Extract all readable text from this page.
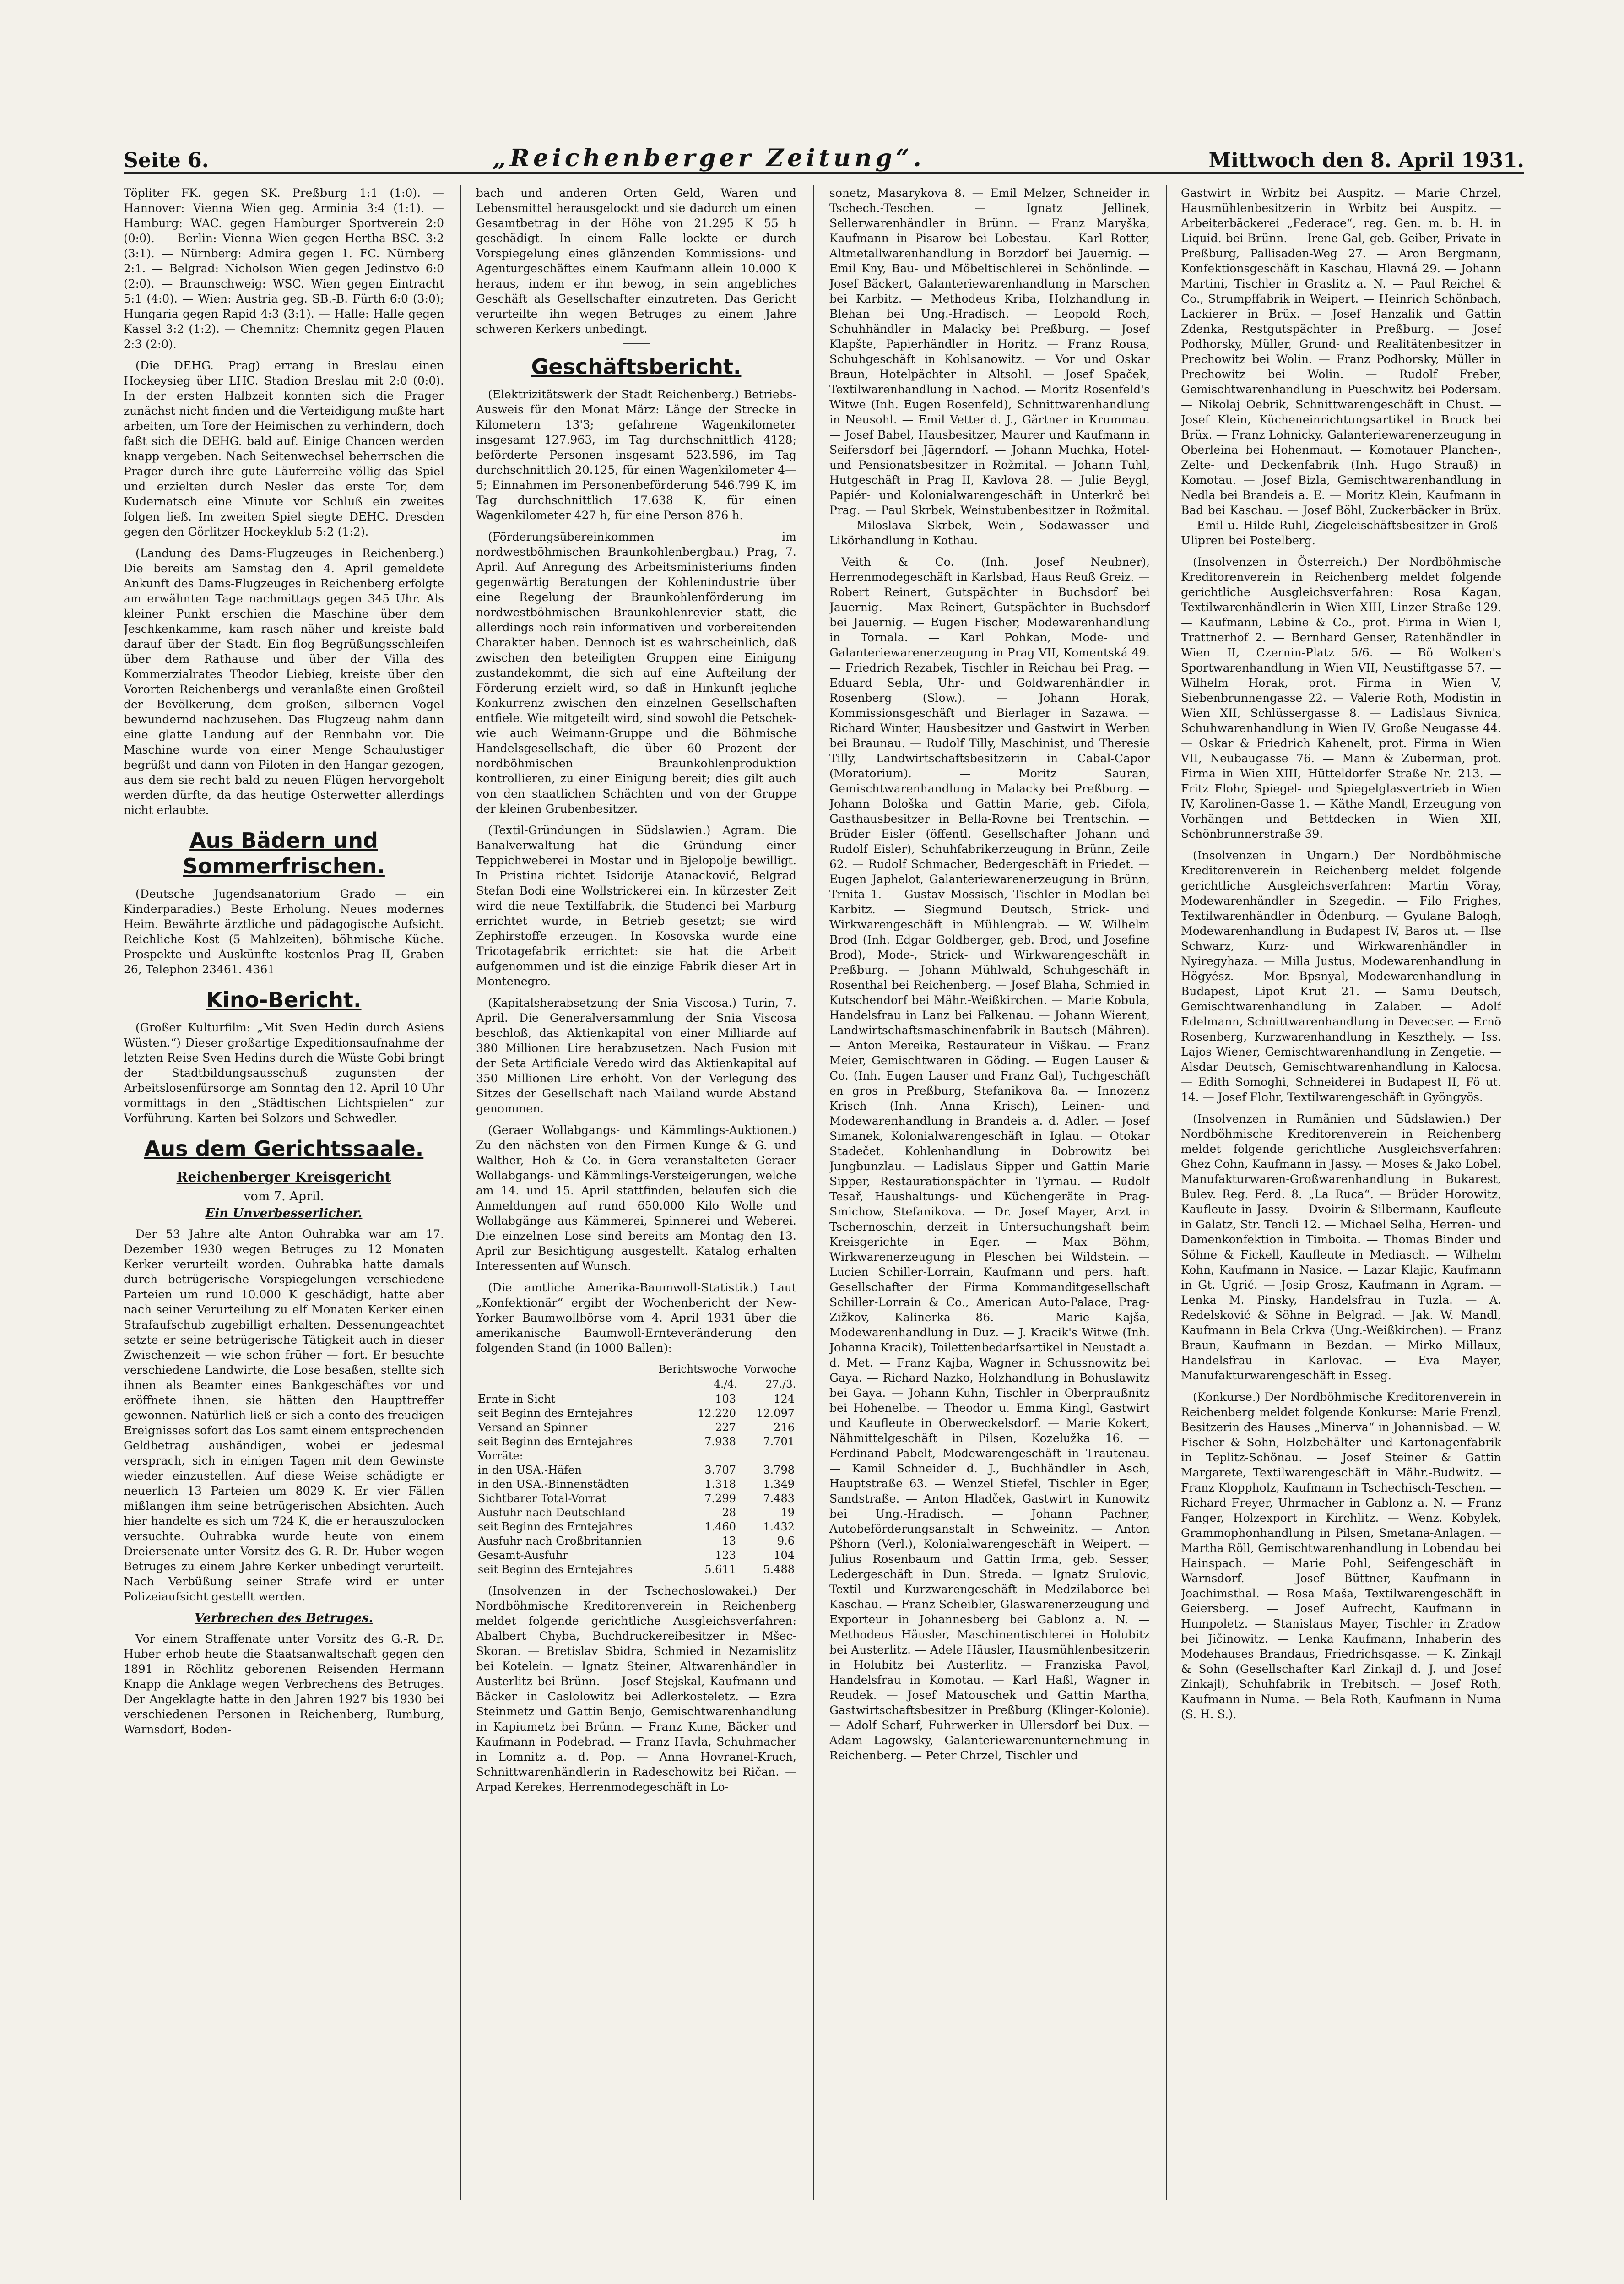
Seite 6.	„Reichenberger Zeitung“.	Mittwoch den 8. April 1931.

Töpliter FK. gegen SK. Preßburg 1:1 (1:0). — Hannover: Vienna Wien geg. Arminia 3:4 (1:1). — Hamburg: WAC. gegen Hamburger Sportverein 2:0 (0:0). — Berlin: Vienna Wien gegen Hertha BSC. 3:2 (3:1). — Nürnberg: Admira gegen 1. FC. Nürnberg 2:1. — Belgrad: Nicholson Wien gegen Jedinstvo 6:0 (2:0). — Braunschweig: WSC. Wien gegen Eintracht 5:1 (4:0). — Wien: Austria geg. SB.-B. Fürth 6:0 (3:0); Hungaria gegen Rapid 4:3 (3:1). — Halle: Halle gegen Kassel 3:2 (1:2). — Chemnitz: Chemnitz gegen Plauen 2:3 (2:0).

(Die DEHG. Prag) errang in Breslau einen Hockeysieg über LHC. Stadion Breslau mit 2:0 (0:0). In der ersten Halbzeit konnten sich die Prager zunächst nicht finden und die Verteidigung mußte hart arbeiten, um Tore der Heimischen zu verhindern, doch faßt sich die DEHG. bald auf. Einige Chancen werden knapp vergeben. Nach Seitenwechsel beherrschen die Prager durch ihre gute Läuferreihe völlig das Spiel und erzielten durch Nesler das erste Tor, dem Kudernatsch eine Minute vor Schluß ein zweites folgen ließ. Im zweiten Spiel siegte DEHC. Dresden gegen den Görlitzer Hockeyklub 5:2 (1:2).

(Landung des Dams-Flugzeuges in Reichenberg.) Die bereits am Samstag den 4. April gemeldete Ankunft des Dams-Flugzeuges in Reichenberg erfolgte am erwähnten Tage nachmittags gegen 345 Uhr. Als kleiner Punkt erschien die Maschine über dem Jeschkenkamme, kam rasch näher und kreiste bald darauf über der Stadt. Ein flog Begrüßungsschleifen über dem Rathause und über der Villa des Kommerzialrates Theodor Liebieg, kreiste über den Vororten Reichenbergs und veranlaßte einen Großteil der Bevölkerung, dem großen, silbernen Vogel bewundernd nachzusehen. Das Flugzeug nahm dann eine glatte Landung auf der Rennbahn vor. Die Maschine wurde von einer Menge Schaulustiger begrüßt und dann von Piloten in den Hangar gezogen, aus dem sie recht bald zu neuen Flügen hervorgeholt werden dürfte, da das heutige Osterwetter allerdings nicht erlaubte.

Aus Bädern und Sommerfrischen.

(Deutsche Jugendsanatorium Grado — ein Kinderparadies.) Beste Erholung. Neues modernes Heim. Bewährte ärztliche und pädagogische Aufsicht. Reichliche Kost (5 Mahlzeiten), böhmische Küche. Prospekte und Auskünfte kostenlos Prag II, Graben 26, Telephon 23461. 4361

Kino-Bericht.

(Großer Kulturfilm: „Mit Sven Hedin durch Asiens Wüsten.“) Dieser großartige Expeditionsaufnahme der letzten Reise Sven Hedins durch die Wüste Gobi bringt der Stadtbildungsausschuß zugunsten der Arbeitslosenfürsorge am Sonntag den 12. April 10 Uhr vormittags in den „Städtischen Lichtspielen“ zur Vorführung. Karten bei Solzors und Schwedler.

Aus dem Gerichtssaale.
Reichenberger Kreisgericht
vom 7. April.
Ein Unverbesserlicher.

Der 53 Jahre alte Anton Ouhrabka war am 17. Dezember 1930 wegen Betruges zu 12 Monaten Kerker verurteilt worden. Ouhrabka hatte damals durch betrügerische Vorspiegelungen verschiedene Parteien um rund 10.000 K geschädigt, hatte aber nach seiner Verurteilung zu elf Monaten Kerker einen Strafaufschub zugebilligt erhalten. Dessenungeachtet setzte er seine betrügerische Tätigkeit auch in dieser Zwischenzeit — wie schon früher — fort. Er besuchte verschiedene Landwirte, die Lose besaßen, stellte sich ihnen als Beamter eines Bankgeschäftes vor und eröffnete ihnen, sie hätten den Haupttreffer gewonnen. Natürlich ließ er sich a conto des freudigen Ereignisses sofort das Los samt einem entsprechenden Geldbetrag aushändigen, wobei er jedesmal versprach, sich in einigen Tagen mit dem Gewinste wieder einzustellen. Auf diese Weise schädigte er neuerlich 13 Parteien um 8029 K. Er vier Fällen mißlangen ihm seine betrügerischen Absichten. Auch hier handelte es sich um 724 K, die er herauszulocken versuchte. Ouhrabka wurde heute von einem Dreiersenate unter Vorsitz des G.-R. Dr. Huber wegen Betruges zu einem Jahre Kerker unbedingt verurteilt. Nach Verbüßung seiner Strafe wird er unter Polizeiaufsicht gestellt werden.

Verbrechen des Betruges.

Vor einem Straffenate unter Vorsitz des G.-R. Dr. Huber erhob heute die Staatsanwaltschaft gegen den 1891 in Röchlitz geborenen Reisenden Hermann Knapp die Anklage wegen Verbrechens des Betruges. Der Angeklagte hatte in den Jahren 1927 bis 1930 bei verschiedenen Personen in Reichenberg, Rumburg, Warnsdorf, Boden-

bach und anderen Orten Geld, Waren und Lebensmittel herausgelockt und sie dadurch um einen Gesamtbetrag in der Höhe von 21.295 K 55 h geschädigt. In einem Falle lockte er durch Vorspiegelung eines glänzenden Kommissions- und Agenturgeschäftes einem Kaufmann allein 10.000 K heraus, indem er ihn bewog, in sein angebliches Geschäft als Gesellschafter einzutreten. Das Gericht verurteilte ihn wegen Betruges zu einem Jahre schweren Kerkers unbedingt.

Geschäftsbericht.

(Elektrizitätswerk der Stadt Reichenberg.) Betriebs-Ausweis für den Monat März: Länge der Strecke in Kilometern 13'3; gefahrene Wagenkilometer insgesamt 127.963, im Tag durchschnittlich 4128; beförderte Personen insgesamt 523.596, im Tag durchschnittlich 20.125, für einen Wagenkilometer 4—5; Einnahmen im Personenbeförderung 546.799 K, im Tag durchschnittlich 17.638 K, für einen Wagenkilometer 427 h, für eine Person 876 h.

(Förderungsübereinkommen im nordwestböhmischen Braunkohlenbergbau.) Prag, 7. April. Auf Anregung des Arbeitsministeriums finden gegenwärtig Beratungen der Kohlenindustrie über eine Regelung der Braunkohlenförderung im nordwestböhmischen Braunkohlenrevier statt, die allerdings noch rein informativen und vorbereitenden Charakter haben. Dennoch ist es wahrscheinlich, daß zwischen den beteiligten Gruppen eine Einigung zustandekommt, die sich auf eine Aufteilung der Förderung erzielt wird, so daß in Hinkunft jegliche Konkurrenz zwischen den einzelnen Gesellschaften entfiele. Wie mitgeteilt wird, sind sowohl die Petschek- wie auch Weimann-Gruppe und die Böhmische Handelsgesellschaft, die über 60 Prozent der nordböhmischen Braunkohlenproduktion kontrollieren, zu einer Einigung bereit; dies gilt auch von den staatlichen Schächten und von der Gruppe der kleinen Grubenbesitzer.

(Textil-Gründungen in Südslawien.) Agram. Die Banalverwaltung hat die Gründung einer Teppichweberei in Mostar und in Bjelopolje bewilligt. In Pristina richtet Isidorije Atanacković, Belgrad Stefan Bodi eine Wollstrickerei ein. In kürzester Zeit wird die neue Textilfabrik, die Studenci bei Marburg errichtet wurde, in Betrieb gesetzt; sie wird Zephirstoffe erzeugen. In Kosovska wurde eine Tricotagefabrik errichtet: sie hat die Arbeit aufgenommen und ist die einzige Fabrik dieser Art in Montenegro.

(Kapitalsherabsetzung der Snia Viscosa.) Turin, 7. April. Die Generalversammlung der Snia Viscosa beschloß, das Aktienkapital von einer Milliarde auf 380 Millionen Lire herabzusetzen. Nach Fusion mit der Seta Artificiale Veredo wird das Aktienkapital auf 350 Millionen Lire erhöht. Von der Verlegung des Sitzes der Gesellschaft nach Mailand wurde Abstand genommen.

(Geraer Wollabgangs- und Kämmlings-Auktionen.) Zu den nächsten von den Firmen Kunge & G. und Walther, Hoh & Co. in Gera veranstalteten Geraer Wollabgangs- und Kämmlings-Versteigerungen, welche am 14. und 15. April stattfinden, belaufen sich die Anmeldungen auf rund 650.000 Kilo Wolle und Wollabgänge aus Kämmerei, Spinnerei und Weberei. Die einzelnen Lose sind bereits am Montag den 13. April zur Besichtigung ausgestellt. Katalog erhalten Interessenten auf Wunsch.

(Die amtliche Amerika-Baumwoll-Statistik.) Laut „Konfektionär“ ergibt der Wochenbericht der New-Yorker Baumwollbörse vom 4. April 1931 über die amerikanische Baumwoll-Ernteveränderung den folgenden Stand (in 1000 Ballen):

	Berichtswoche	Vorwoche
	4./4.	27./3.
Ernte in Sicht	103	124
seit Beginn des Erntejahres	12.220	12.097
Versand an Spinner	227	216
seit Beginn des Erntejahres	7.938	7.701
Vorräte:		
in den USA.-Häfen	3.707	3.798
in den USA.-Binnenstädten	1.318	1.349
Sichtbarer Total-Vorrat	7.299	7.483
Ausfuhr nach Deutschland	28	19
seit Beginn des Erntejahres	1.460	1.432
Ausfuhr nach Großbritannien	13	9.6
Gesamt-Ausfuhr	123	104
seit Beginn des Erntejahres	5.611	5.488

(Insolvenzen in der Tschechoslowakei.) Der Nordböhmische Kreditorenverein in Reichenberg meldet folgende gerichtliche Ausgleichsverfahren: Abalbert Chyba, Buchdruckereibesitzer in Mšec-Skoran. — Bretislav Sbidra, Schmied in Nezamislitz bei Kotelein. — Ignatz Steiner, Altwarenhändler in Austerlitz bei Brünn. — Josef Stejskal, Kaufmann und Bäcker in Caslolowitz bei Adlerkosteletz. — Ezra Steinmetz und Gattin Benjo, Gemischtwarenhandlung in Kapiumetz bei Brünn. — Franz Kune, Bäcker und Kaufmann in Podebrad. — Franz Havla, Schuhmacher in Lomnitz a. d. Pop. — Anna Hovranel-Kruch, Schnittwarenhändlerin in Radeschowitz bei Ričan. — Arpad Kerekes, Herrenmodegeschäft in Lo-

sonetz, Masarykova 8. — Emil Melzer, Schneider in Tschech.-Teschen. — Ignatz Jellinek, Sellerwarenhändler in Brünn. — Franz Maryška, Kaufmann in Pisarow bei Lobestau. — Karl Rotter, Altmetallwarenhandlung in Borzdorf bei Jauernig. — Emil Kny, Bau- und Möbeltischlerei in Schönlinde. — Josef Bäckert, Galanteriewarenhandlung in Marschen bei Karbitz. — Methodeus Kriba, Holzhandlung in Blehan bei Ung.-Hradisch. — Leopold Roch, Schuhhändler in Malacky bei Preßburg. — Josef Klapšte, Papierhändler in Horitz. — Franz Rousa, Schuhgeschäft in Kohlsanowitz. — Vor und Oskar Braun, Hotelpächter in Altsohl. — Josef Spaček, Textilwarenhandlung in Nachod. — Moritz Rosenfeld's Witwe (Inh. Eugen Rosenfeld), Schnittwarenhandlung in Neusohl. — Emil Vetter d. J., Gärtner in Krummau. — Josef Babel, Hausbesitzer, Maurer und Kaufmann in Seifersdorf bei Jägerndorf. — Johann Muchka, Hotel- und Pensionatsbesitzer in Rožmital. — Johann Tuhl, Hutgeschäft in Prag II, Kavlova 28. — Julie Beygl, Papiér- und Kolonialwarengeschäft in Unterkrč bei Prag. — Paul Skrbek, Weinstubenbesitzer in Rožmital. — Miloslava Skrbek, Wein-, Sodawasser- und Likörhandlung in Kothau.

Veith & Co. (Inh. Josef Neubner), Herrenmodegeschäft in Karlsbad, Haus Reuß Greiz. — Robert Reinert, Gutspächter in Buchsdorf bei Jauernig. — Max Reinert, Gutspächter in Buchsdorf bei Jauernig. — Eugen Fischer, Modewarenhandlung in Tornala. — Karl Pohkan, Mode- und Galanteriewarenerzeugung in Prag VII, Komentská 49. — Friedrich Rezabek, Tischler in Reichau bei Prag. — Eduard Sebla, Uhr- und Goldwarenhändler in Rosenberg (Slow.). — Johann Horak, Kommissionsgeschäft und Bierlager in Sazawa. — Richard Winter, Hausbesitzer und Gastwirt in Werben bei Braunau. — Rudolf Tilly, Maschinist, und Theresie Tilly, Landwirtschaftsbesitzerin in Cabal-Capor (Moratorium). — Moritz Sauran, Gemischtwarenhandlung in Malacky bei Preßburg. — Johann Bološka und Gattin Marie, geb. Cifola, Gasthausbesitzer in Bella-Rovne bei Trentschin. — Brüder Eisler (öffentl. Gesellschafter Johann und Rudolf Eisler), Schuhfabrikerzeugung in Brünn, Zeile 62. — Rudolf Schmacher, Bedergeschäft in Friedet. — Eugen Japhelot, Galanteriewarenerzeugung in Brünn, Trnita 1. — Gustav Mossisch, Tischler in Modlan bei Karbitz. — Siegmund Deutsch, Strick- und Wirkwarengeschäft in Mühlengrab. — W. Wilhelm Brod (Inh. Edgar Goldberger, geb. Brod, und Josefine Brod), Mode-, Strick- und Wirkwarengeschäft in Preßburg. — Johann Mühlwald, Schuhgeschäft in Rosenthal bei Reichenberg. — Josef Blaha, Schmied in Kutschendorf bei Mähr.-Weißkirchen. — Marie Kobula, Handelsfrau in Lanz bei Falkenau. — Johann Wierent, Landwirtschaftsmaschinenfabrik in Bautsch (Mähren). — Anton Mereika, Restaurateur in Viškau. — Franz Meier, Gemischtwaren in Göding. — Eugen Lauser & Co. (Inh. Eugen Lauser und Franz Gal), Tuchgeschäft en gros in Preßburg, Stefanikova 8a. — Innozenz Krisch (Inh. Anna Krisch), Leinen- und Modewarenhandlung in Brandeis a. d. Adler. — Josef Simanek, Kolonialwarengeschäft in Iglau. — Otokar Stadečet, Kohlenhandlung in Dobrowitz bei Jungbunzlau. — Ladislaus Sipper und Gattin Marie Sipper, Restaurationspächter in Tyrnau. — Rudolf Tesař, Haushaltungs- und Küchengeräte in Prag-Smichow, Stefanikova. — Dr. Josef Mayer, Arzt in Tschernoschin, derzeit in Untersuchungshaft beim Kreisgerichte in Eger. — Max Böhm, Wirkwarenerzeugung in Pleschen bei Wildstein. — Lucien Schiller-Lorrain, Kaufmann und pers. haft. Gesellschafter der Firma Kommanditgesellschaft Schiller-Lorrain & Co., American Auto-Palace, Prag-Zižkov, Kalinerka 86. — Marie Kajša, Modewarenhandlung in Duz. — J. Kracik's Witwe (Inh. Johanna Kracik), Toilettenbedarfsartikel in Neustadt a. d. Met. — Franz Kajba, Wagner in Schussnowitz bei Gaya. — Richard Nazko, Holzhandlung in Bohuslawitz bei Gaya. — Johann Kuhn, Tischler in Oberpraußnitz bei Hohenelbe. — Theodor u. Emma Kingl, Gastwirt und Kaufleute in Oberweckelsdorf. — Marie Kokert, Nähmittelgeschäft in Pilsen, Kozelužka 16. — Ferdinand Pabelt, Modewarengeschäft in Trautenau. — Kamil Schneider d. J., Buchhändler in Asch, Hauptstraße 63. — Wenzel Stiefel, Tischler in Eger, Sandstraße. — Anton Hladček, Gastwirt in Kunowitz bei Ung.-Hradisch. — Johann Pachner, Autobeförderungsanstalt in Schweinitz. — Anton Pšhorn (Verl.), Kolonialwarengeschäft in Weipert. — Julius Rosenbaum und Gattin Irma, geb. Sesser, Ledergeschäft in Dun. Streda. — Ignatz Srulovic, Textil- und Kurzwarengeschäft in Medzilaborce bei Kaschau. — Franz Scheibler, Glaswarenerzeugung und Exporteur in Johannesberg bei Gablonz a. N. — Methodeus Häusler, Maschinentischlerei in Holubitz bei Austerlitz. — Adele Häusler, Hausmühlenbesitzerin in Holubitz bei Austerlitz. — Franziska Pavol, Handelsfrau in Komotau. — Karl Haßl, Wagner in Reudek. — Josef Matouschek und Gattin Martha, Gastwirtschaftsbesitzer in Preßburg (Klinger-Kolonie). — Adolf Scharf, Fuhrwerker in Ullersdorf bei Dux. — Adam Lagowsky, Galanteriewarenunternehmung in Reichenberg. — Peter Chrzel, Tischler und

Gastwirt in Wrbitz bei Auspitz. — Marie Chrzel, Hausmühlenbesitzerin in Wrbitz bei Auspitz. — Arbeiterbäckerei „Federace“, reg. Gen. m. b. H. in Liquid. bei Brünn. — Irene Gal, geb. Geiber, Private in Preßburg, Pallisaden-Weg 27. — Aron Bergmann, Konfektionsgeschäft in Kaschau, Hlavná 29. — Johann Martini, Tischler in Graslitz a. N. — Paul Reichel & Co., Strumpffabrik in Weipert. — Heinrich Schönbach, Lackierer in Brüx. — Josef Hanzalik und Gattin Zdenka, Restgutspächter in Preßburg. — Josef Podhorsky, Müller, Grund- und Realitätenbesitzer in Prechowitz bei Wolin. — Franz Podhorsky, Müller in Prechowitz bei Wolin. — Rudolf Freber, Gemischtwarenhandlung in Pueschwitz bei Podersam. — Nikolaj Oebrik, Schnittwarengeschäft in Chust. — Josef Klein, Kücheneinrichtungsartikel in Bruck bei Brüx. — Franz Lohnicky, Galanteriewarenerzeugung in Oberleina bei Hohenmaut. — Komotauer Planchen-, Zelte- und Deckenfabrik (Inh. Hugo Strauß) in Komotau. — Josef Bizla, Gemischtwarenhandlung in Nedla bei Brandeis a. E. — Moritz Klein, Kaufmann in Bad bei Kaschau. — Josef Böhl, Zuckerbäcker in Brüx. — Emil u. Hilde Ruhl, Ziegeleischäftsbesitzer in Groß-Ulipren bei Postelberg.

(Insolvenzen in Österreich.) Der Nordböhmische Kreditorenverein in Reichenberg meldet folgende gerichtliche Ausgleichsverfahren: Rosa Kagan, Textilwarenhändlerin in Wien XIII, Linzer Straße 129. — Kaufmann, Lebine & Co., prot. Firma in Wien I, Trattnerhof 2. — Bernhard Genser, Ratenhändler in Wien II, Czernin-Platz 5/6. — Bö Wolken's Sportwarenhandlung in Wien VII, Neustiftgasse 57. — Wilhelm Horak, prot. Firma in Wien V, Siebenbrunnengasse 22. — Valerie Roth, Modistin in Wien XII, Schlüssergasse 8. — Ladislaus Sivnica, Schuhwarenhandlung in Wien IV, Große Neugasse 44. — Oskar & Friedrich Kahenelt, prot. Firma in Wien VII, Neubaugasse 76. — Mann & Zuberman, prot. Firma in Wien XIII, Hütteldorfer Straße Nr. 213. — Fritz Flohr, Spiegel- und Spiegelglasvertrieb in Wien IV, Karolinen-Gasse 1. — Käthe Mandl, Erzeugung von Vorhängen und Bettdecken in Wien XII, Schönbrunnerstraße 39.

(Insolvenzen in Ungarn.) Der Nordböhmische Kreditorenverein in Reichenberg meldet folgende gerichtliche Ausgleichsverfahren: Martin Vöray, Modewarenhändler in Szegedin. — Filo Frighes, Textilwarenhändler in Ödenburg. — Gyulane Balogh, Modewarenhandlung in Budapest IV, Baros ut. — Ilse Schwarz, Kurz- und Wirkwarenhändler in Nyiregyhaza. — Milla Justus, Modewarenhandlung in Högyész. — Mor. Bpsnyal, Modewarenhandlung in Budapest, Lipot Krut 21. — Samu Deutsch, Gemischtwarenhandlung in Zalaber. — Adolf Edelmann, Schnittwarenhandlung in Devecser. — Ernö Rosenberg, Kurzwarenhandlung in Keszthely. — Iss. Lajos Wiener, Gemischtwarenhandlung in Zengetie. — Alsdar Deutsch, Gemischtwarenhandlung in Kalocsa. — Edith Somoghi, Schneiderei in Budapest II, Fö ut. 14. — Josef Flohr, Textilwarengeschäft in Gyöngyös.

(Insolvenzen in Rumänien und Südslawien.) Der Nordböhmische Kreditorenverein in Reichenberg meldet folgende gerichtliche Ausgleichsverfahren: Ghez Cohn, Kaufmann in Jassy. — Moses & Jako Lobel, Manufakturwaren-Großwarenhandlung in Bukarest, Bulev. Reg. Ferd. 8. „La Ruca“. — Brüder Horowitz, Kaufleute in Jassy. — Dvoirin & Silbermann, Kaufleute in Galatz, Str. Tencli 12. — Michael Selha, Herren- und Damenkonfektion in Timboita. — Thomas Binder und Söhne & Fickell, Kaufleute in Mediasch. — Wilhelm Kohn, Kaufmann in Nasice. — Lazar Klajic, Kaufmann in Gt. Ugrić. — Josip Grosz, Kaufmann in Agram. — Lenka M. Pinsky, Handelsfrau in Tuzla. — A. Redelsković & Söhne in Belgrad. — Jak. W. Mandl, Kaufmann in Bela Crkva (Ung.-Weißkirchen). — Franz Braun, Kaufmann in Bezdan. — Mirko Millaux, Handelsfrau in Karlovac. — Eva Mayer, Manufakturwarengeschäft in Esseg.

(Konkurse.) Der Nordböhmische Kreditorenverein in Reichenberg meldet folgende Konkurse: Marie Frenzl, Besitzerin des Hauses „Minerva“ in Johannisbad. — W. Fischer & Sohn, Holzbehälter- und Kartonagenfabrik in Teplitz-Schönau. — Josef Steiner & Gattin Margarete, Textilwarengeschäft in Mähr.-Budwitz. — Franz Kloppholz, Kaufmann in Tschechisch-Teschen. — Richard Freyer, Uhrmacher in Gablonz a. N. — Franz Fanger, Holzexport in Kirchlitz. — Wenz. Kobylek, Grammophonhandlung in Pilsen, Smetana-Anlagen. — Martha Röll, Gemischtwarenhandlung in Lobendau bei Hainspach. — Marie Pohl, Seifengeschäft in Warnsdorf. — Josef Büttner, Kaufmann in Joachimsthal. — Rosa Maša, Textilwarengeschäft in Geiersberg. — Josef Aufrecht, Kaufmann in Humpoletz. — Stanislaus Mayer, Tischler in Zradow bei Jičinowitz. — Lenka Kaufmann, Inhaberin des Modehauses Brandaus, Friedrichsgasse. — K. Zinkajl & Sohn (Gesellschafter Karl Zinkajl d. J. und Josef Zinkajl), Schuhfabrik in Trebitsch. — Josef Roth, Kaufmann in Numa. — Bela Roth, Kaufmann in Numa (S. H. S.).
